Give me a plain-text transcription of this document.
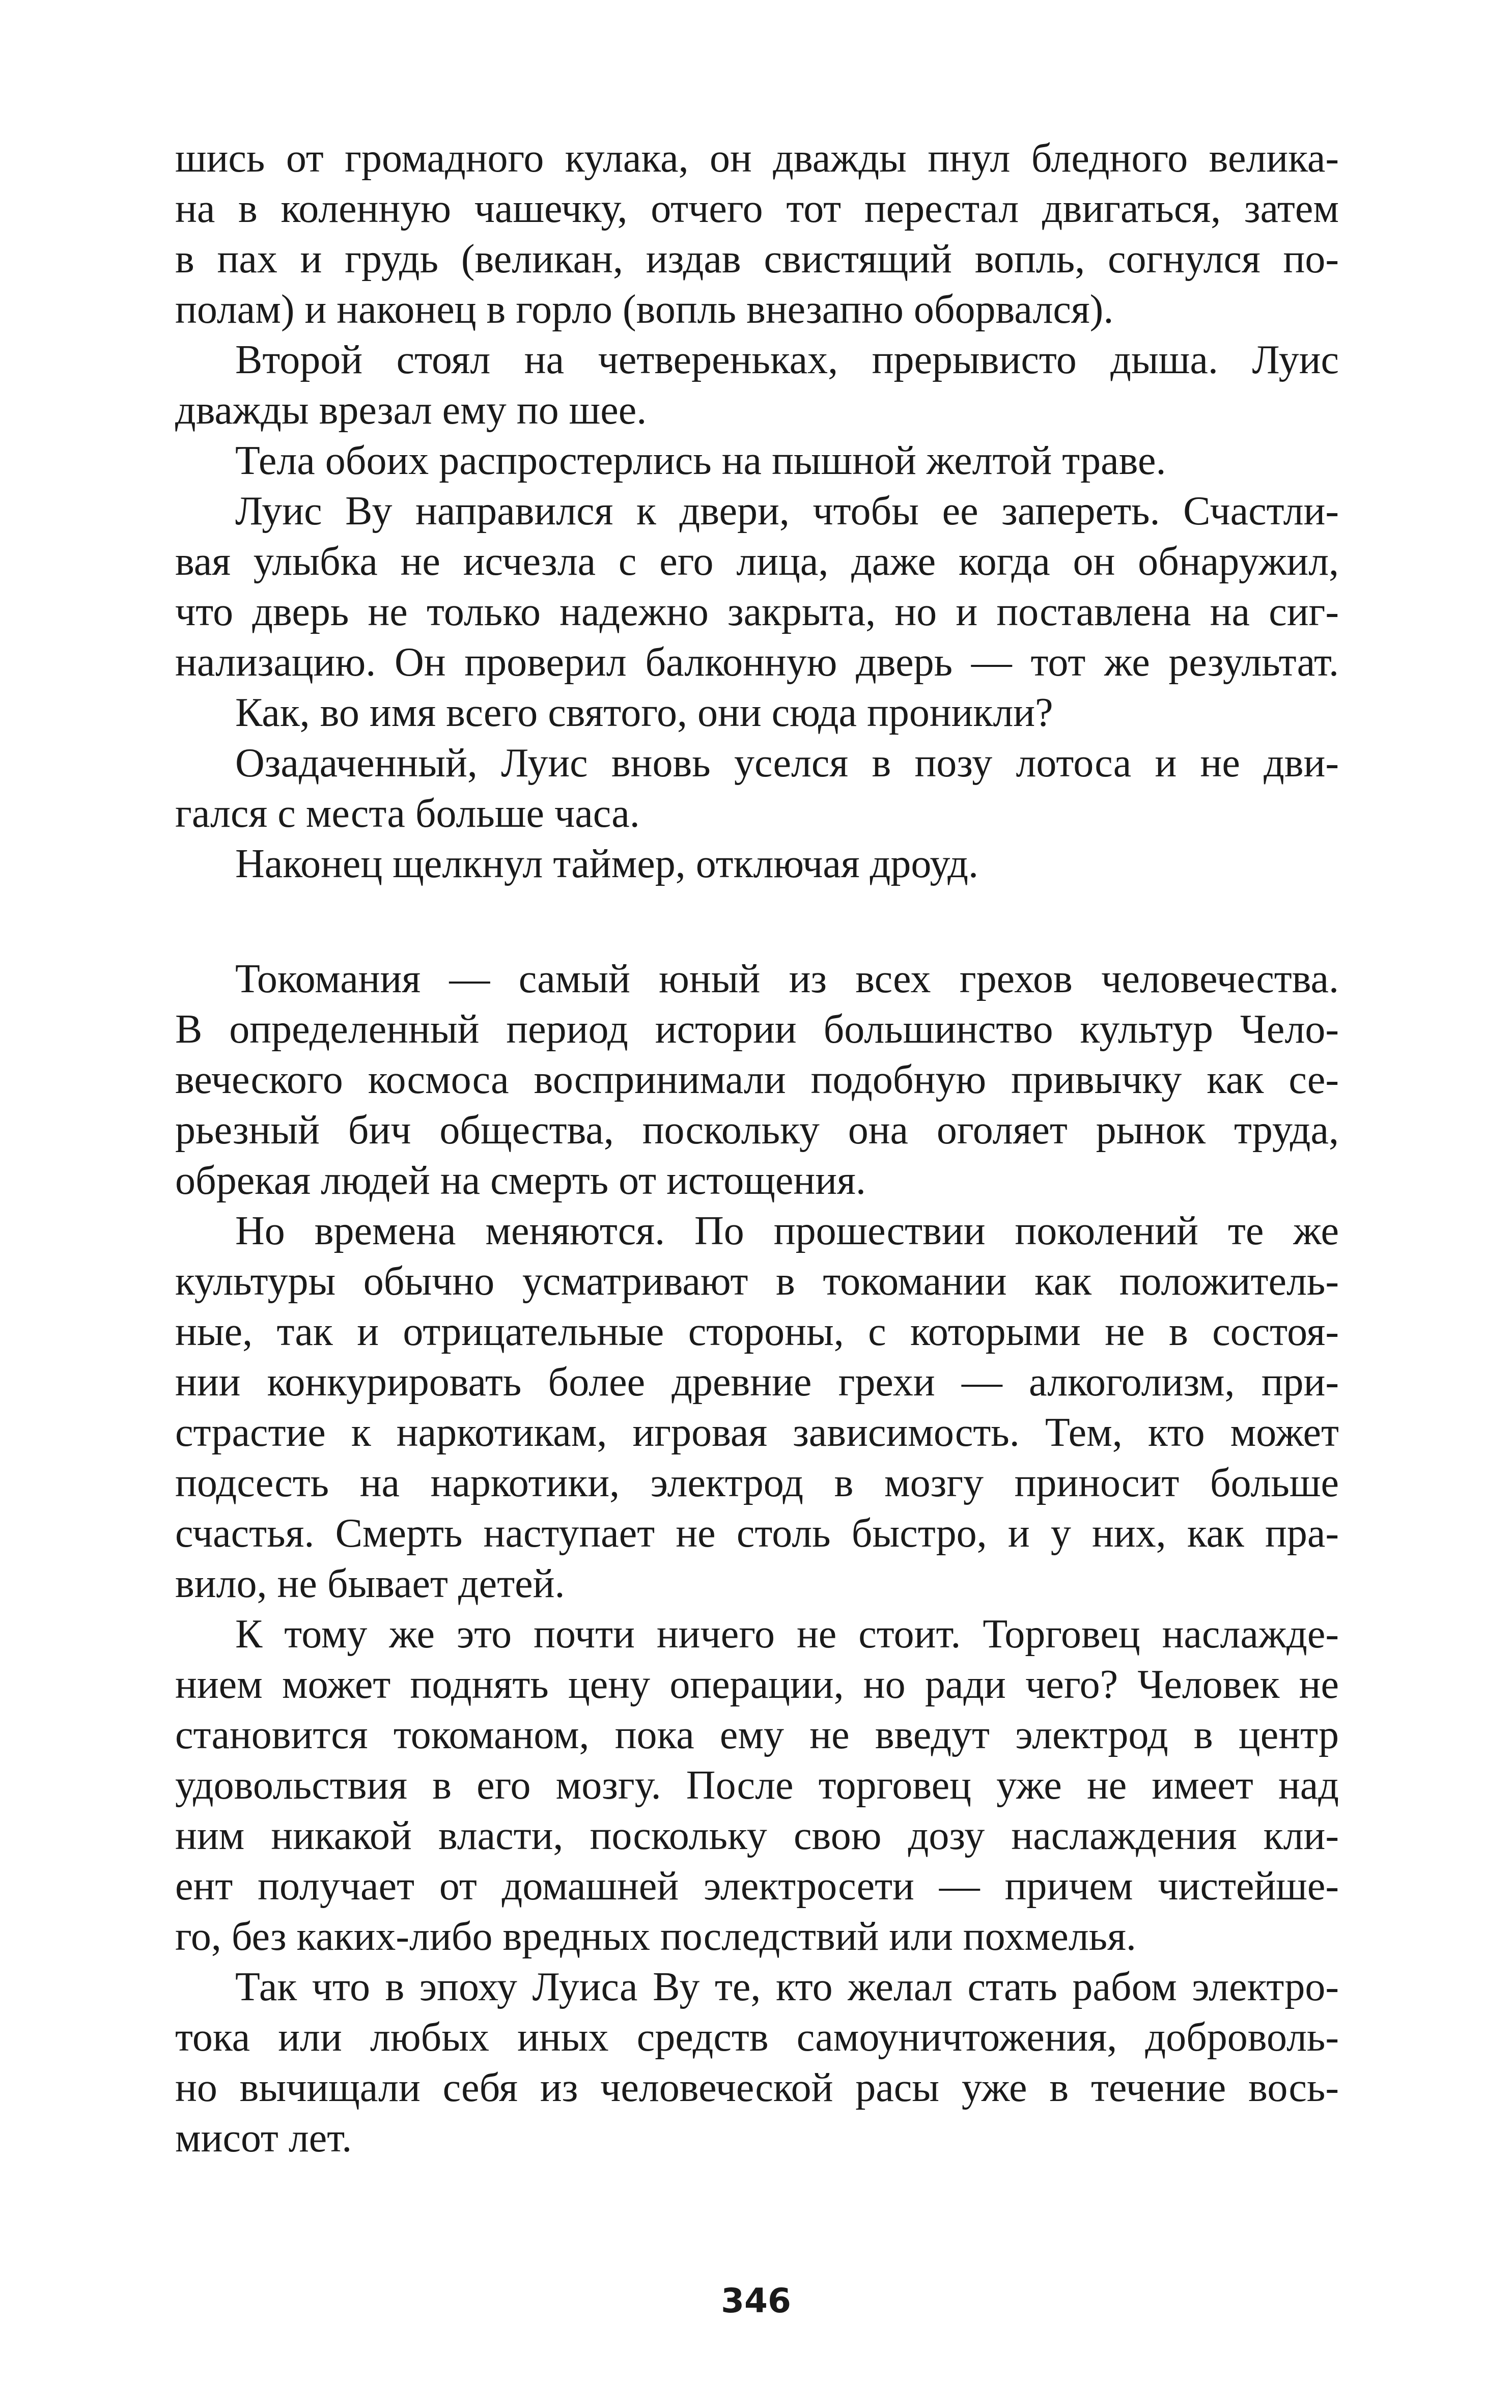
шись от громадного кулака, он дважды пнул бледного велика-
на в коленную чашечку, отчего тот перестал двигаться, затем
в пах и грудь (великан, издав свистящий вопль, согнулся по-
полам) и наконец в горло (вопль внезапно оборвался).
Второй стоял на четвереньках, прерывисто дыша. Луис
дважды врезал ему по шее.
Тела обоих распростерлись на пышной желтой траве.
Луис Ву направился к двери, чтобы ее запереть. Счастли-
вая улыбка не исчезла с его лица, даже когда он обнаружил,
что дверь не только надежно закрыта, но и поставлена на сиг-
нализацию. Он проверил балконную дверь — тот же результат.
Как, во имя всего святого, они сюда проникли?
Озадаченный, Луис вновь уселся в позу лотоса и не дви-
гался с места больше часа.
Наконец щелкнул таймер, отключая дроуд.
Токомания — самый юный из всех грехов человечества.
В определенный период истории большинство культур Чело-
веческого космоса воспринимали подобную привычку как се-
рьезный бич общества, поскольку она оголяет рынок труда,
обрекая людей на смерть от истощения.
Но времена меняются. По прошествии поколений те же
культуры обычно усматривают в токомании как положитель-
ные, так и отрицательные стороны, с которыми не в состоя-
нии конкурировать более древние грехи — алкоголизм, при-
страстие к наркотикам, игровая зависимость. Тем, кто может
подсесть на наркотики, электрод в мозгу приносит больше
счастья. Смерть наступает не столь быстро, и у них, как пра-
вило, не бывает детей.
К тому же это почти ничего не стоит. Торговец наслажде-
нием может поднять цену операции, но ради чего? Человек не
становится токоманом, пока ему не введут электрод в центр
удовольствия в его мозгу. После торговец уже не имеет над
ним никакой власти, поскольку свою дозу наслаждения кли-
ент получает от домашней электросети — причем чистейше-
го, без каких-либо вредных последствий или похмелья.
Так что в эпоху Луиса Ву те, кто желал стать рабом электро-
тока или любых иных средств самоуничтожения, доброволь-
но вычищали себя из человеческой расы уже в течение вось-
мисот лет.
346
